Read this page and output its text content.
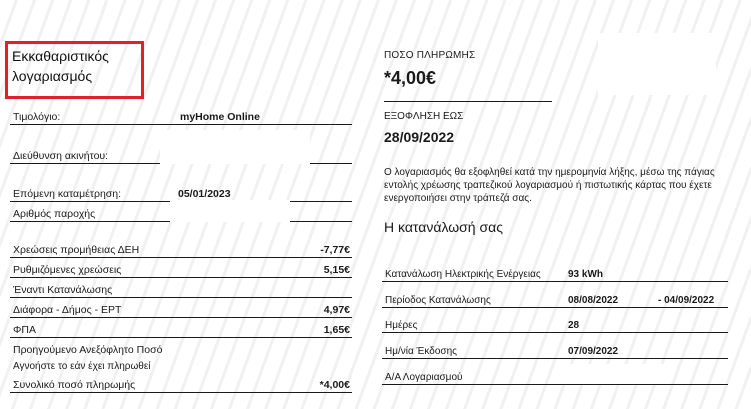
Εκκαθαριστικός
λογαριασμός
Τιμολόγιο:	myHome Online
Διεύθυνση ακινήτου:
Επόμενη καταμέτρηση:	05/01/2023
Αριθμός παροχής
Χρεώσεις προμήθειας ΔΕΗ	-7,77€
Ρυθμιζόμενες χρεώσεις	5,15€
Έναντι Κατανάλωσης
Διάφορα - Δήμος - ΕΡΤ	4,97€
ΦΠΑ	1,65€
Προηγούμενο Ανεξόφλητο Ποσό
Αγνοήστε το εάν έχει πληρωθεί
Συνολικό ποσό πληρωμής	*4,00€
ΠΟΣΟ ΠΛΗΡΩΜΗΣ
*4,00€
ΕΞΟΦΛΗΣΗ ΕΩΣ
28/09/2022
Ο λογαριασμός θα εξοφληθεί κατά την ημερομηνία λήξης, μέσω της πάγιας εντολής χρέωσης τραπεζικού λογαριασμού ή πιστωτικής κάρτας που έχετε ενεργοποιήσει στην τράπεζά σας.
Η κατανάλωσή σας
Κατανάλωση Ηλεκτρικής Ενέργειας	93 kWh
Περίοδος Κατανάλωσης	08/08/2022	- 04/09/2022
Ημέρες	28
Ημ/νία Έκδοσης	07/09/2022
Α/Α Λογαριασμού
